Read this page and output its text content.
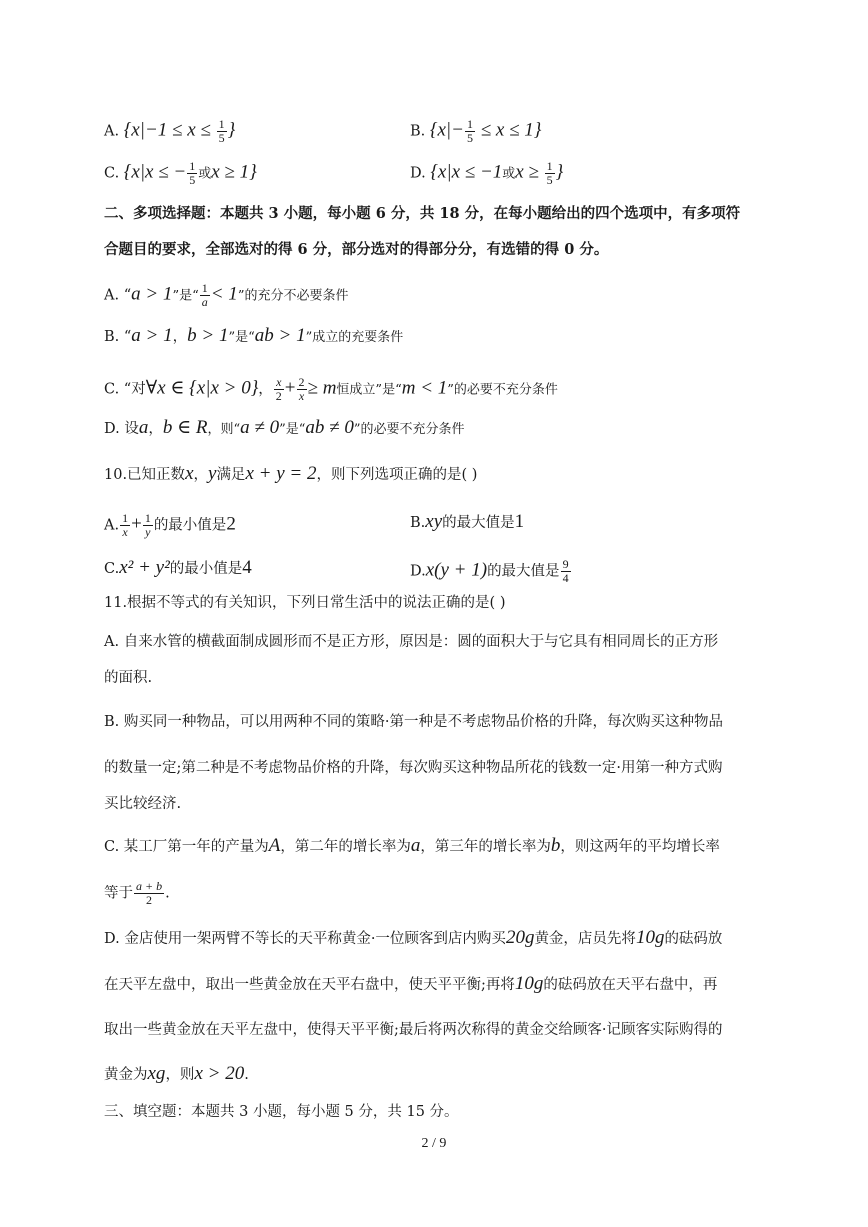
A. {$x|-1 \le x \le \frac{1}{5}$ }	B. $\{x|- \frac{1}{5} \le x \le 1\}$
C. {x|x ≤ − $\frac{1}{5}$ 或x ≥ 1}	D. {x|x ≤ −1或$x \ge \frac{1}{5}$ }
二、多项选择题：本题共 3 小题，每小题 6 分，共 18 分，在每小题给出的四个选项中，有多项符
合题目的要求，全部选对的得 6 分，部分选对的得部分分，有选错的得 0 分。
A. “a > 1”是“ $\frac{1}{a} < 1$”的充分不必要条件
B. “a > 1，b > 1”是“ab > 1”成立的充要条件
C. “对∀x ∈ {x|x > 0}， $\frac{x}{2} + \frac{2}{x} \ge m$恒成立”是“m < 1”的必要不充分条件
D. 设a，b ∈ R，则“a ≠ 0”是“ab ≠ 0”的必要不充分条件
10.已知正数x，y满足x + y = 2，则下列选项正确的是( )
A. $\frac{1}{x} + \frac{1}{y}$ 的最小值是2	B.xy的最大值是1
C.x² + y²的最小值是4	D.x(y + 1)的最大值是 $\frac{9}{4}$
11.根据不等式的有关知识，下列日常生活中的说法正确的是( )
A. 自来水管的横截面制成圆形而不是正方形，原因是：圆的面积大于与它具有相同周长的正方形
的面积.
B. 购买同一种物品，可以用两种不同的策略·第一种是不考虑物品价格的升降，每次购买这种物品
的数量一定;第二种是不考虑物品价格的升降，每次购买这种物品所花的钱数一定·用第一种方式购
买比较经济.
C. 某工厂第一年的产量为A，第二年的增长率为a，第三年的增长率为b，则这两年的平均增长率
等于 $\frac{a + b}{2}$ .
D. 金店使用一架两臂不等长的天平称黄金·一位顾客到店内购买20g黄金，店员先将10g的砝码放
在天平左盘中，取出一些黄金放在天平右盘中，使天平平衡;再将10g的砝码放在天平右盘中，再
取出一些黄金放在天平左盘中，使得天平平衡;最后将两次称得的黄金交给顾客·记顾客实际购得的
黄金为xg，则x > 20.
三、填空题：本题共 3 小题，每小题 5 分，共 15 分。
2 / 9
